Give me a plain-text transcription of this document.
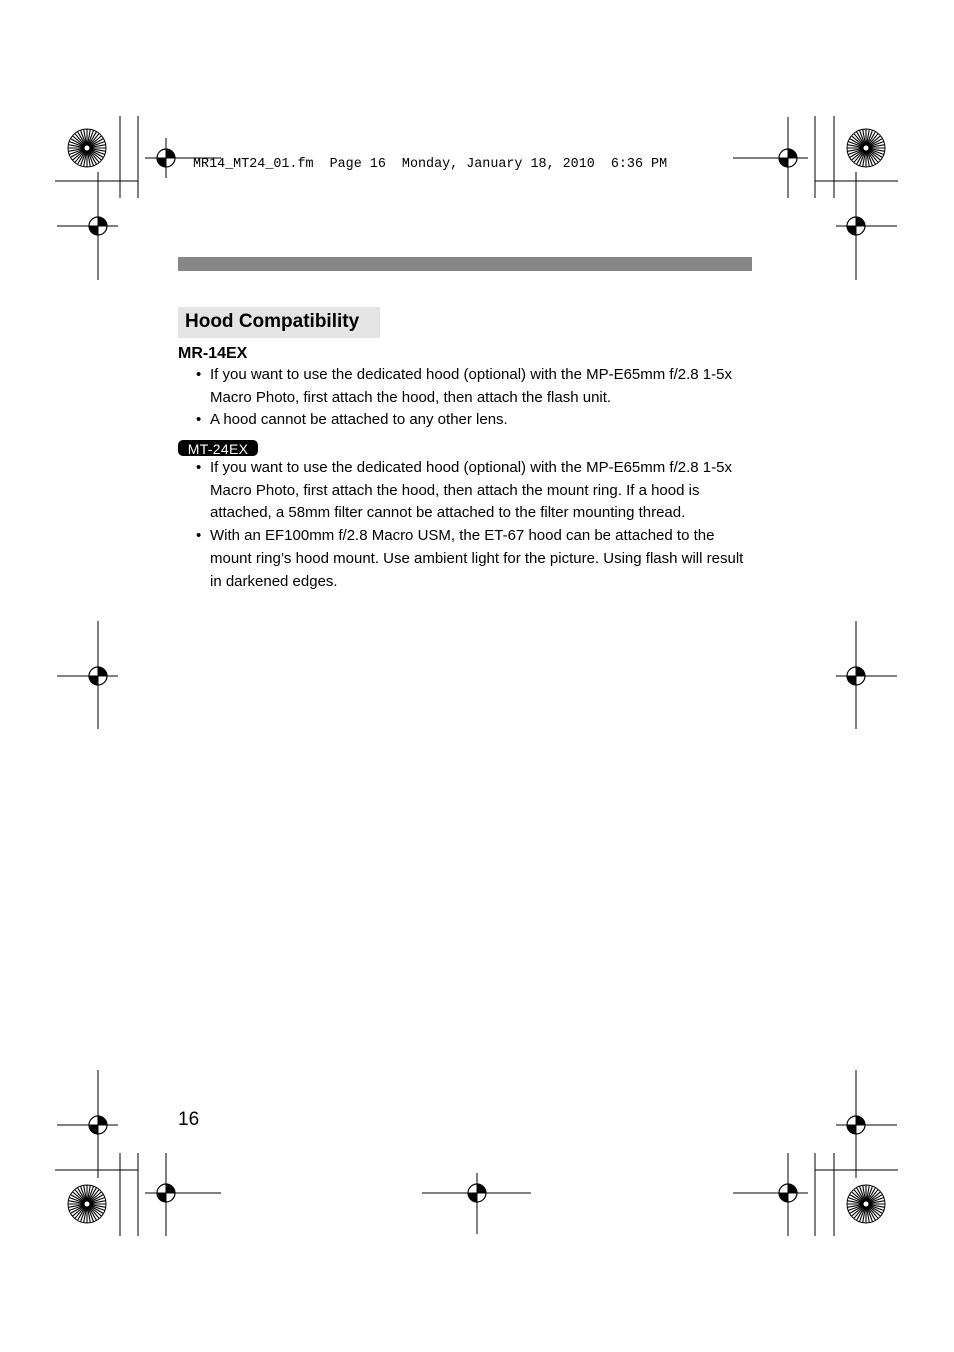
MR14_MT24_01.fm  Page 16  Monday, January 18, 2010  6:36 PM
Hood Compatibility
MR-14EX
• If you want to use the dedicated hood (optional) with the MP-E65mm f/2.8 1-5x Macro Photo, first attach the hood, then attach the flash unit.
• A hood cannot be attached to any other lens.
MT-24EX
• If you want to use the dedicated hood (optional) with the MP-E65mm f/2.8 1-5x Macro Photo, first attach the hood, then attach the mount ring. If a hood is attached, a 58mm filter cannot be attached to the filter mounting thread.
• With an EF100mm f/2.8 Macro USM, the ET-67 hood can be attached to the mount ring’s hood mount. Use ambient light for the picture. Using flash will result in darkened edges.
16
